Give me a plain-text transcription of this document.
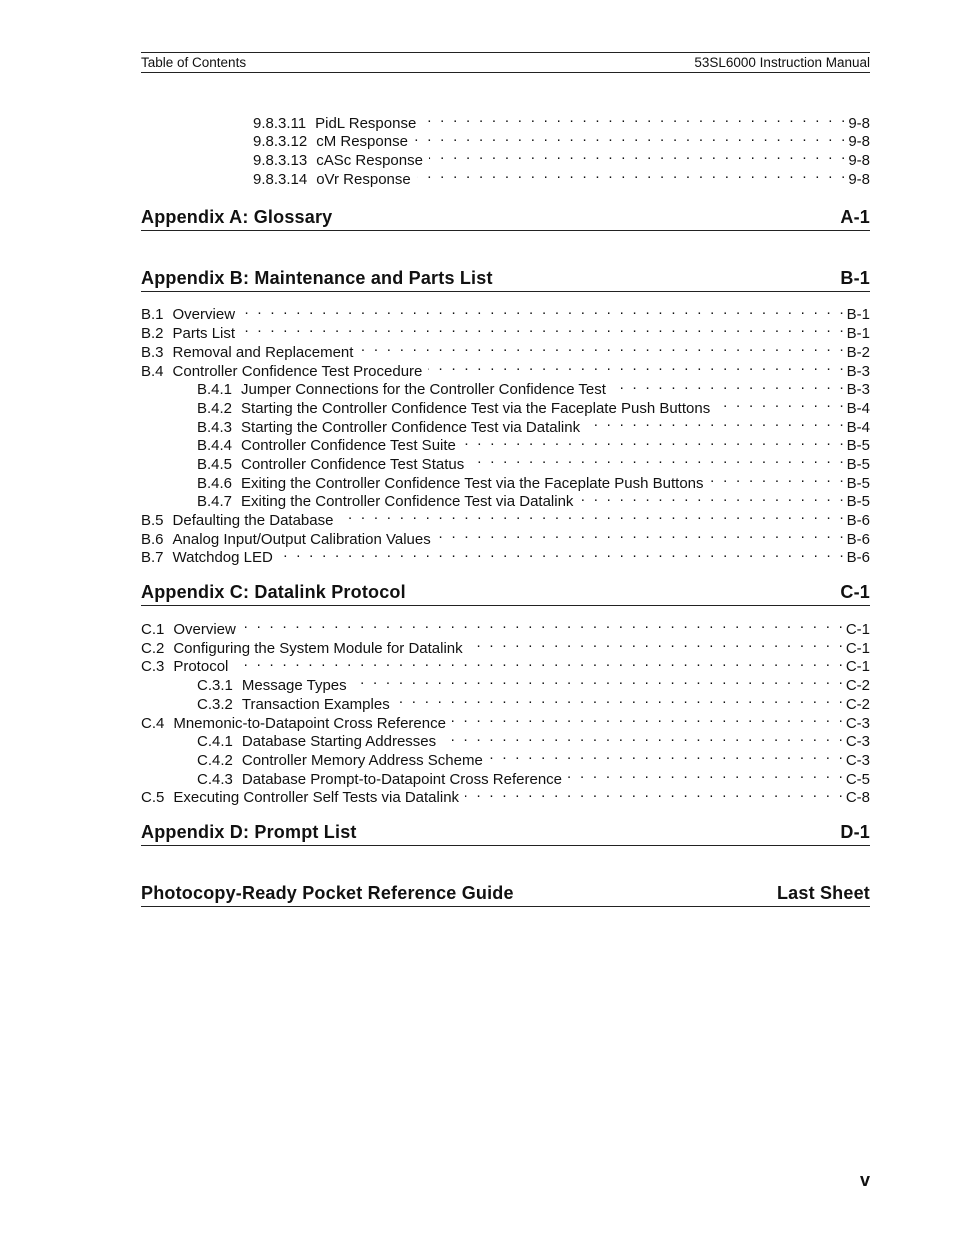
Table of Contents	53SL6000 Instruction Manual
9.8.3.11 PidL Response . . .	9-8
9.8.3.12 cM Response . . .	9-8
9.8.3.13 cASc Response . . .	9-8
9.8.3.14 oVr Response . . .	9-8
Appendix A: Glossary	A-1
Appendix B: Maintenance and Parts List	B-1
B.1 Overview . . .	B-1
B.2 Parts List . . .	B-1
B.3 Removal and Replacement . . .	B-2
B.4 Controller Confidence Test Procedure . . .	B-3
B.4.1 Jumper Connections for the Controller Confidence Test . . .	B-3
B.4.2 Starting the Controller Confidence Test via the Faceplate Push Buttons . . .	B-4
B.4.3 Starting the Controller Confidence Test via Datalink . . .	B-4
B.4.4 Controller Confidence Test Suite . . .	B-5
B.4.5 Controller Confidence Test Status . . .	B-5
B.4.6 Exiting the Controller Confidence Test via the Faceplate Push Buttons . . .	B-5
B.4.7 Exiting the Controller Confidence Test via Datalink . . .	B-5
B.5 Defaulting the Database . . .	B-6
B.6 Analog Input/Output Calibration Values . . .	B-6
B.7 Watchdog LED . . .	B-6
Appendix C: Datalink Protocol	C-1
C.1 Overview . . .	C-1
C.2 Configuring the System Module for Datalink . . .	C-1
C.3 Protocol . . .	C-1
C.3.1 Message Types . . .	C-2
C.3.2 Transaction Examples . . .	C-2
C.4 Mnemonic-to-Datapoint Cross Reference . . .	C-3
C.4.1 Database Starting Addresses . . .	C-3
C.4.2 Controller Memory Address Scheme . . .	C-3
C.4.3 Database Prompt-to-Datapoint Cross Reference . . .	C-5
C.5 Executing Controller Self Tests via Datalink . . .	C-8
Appendix D: Prompt List	D-1
Photocopy-Ready Pocket Reference Guide	Last Sheet
v
